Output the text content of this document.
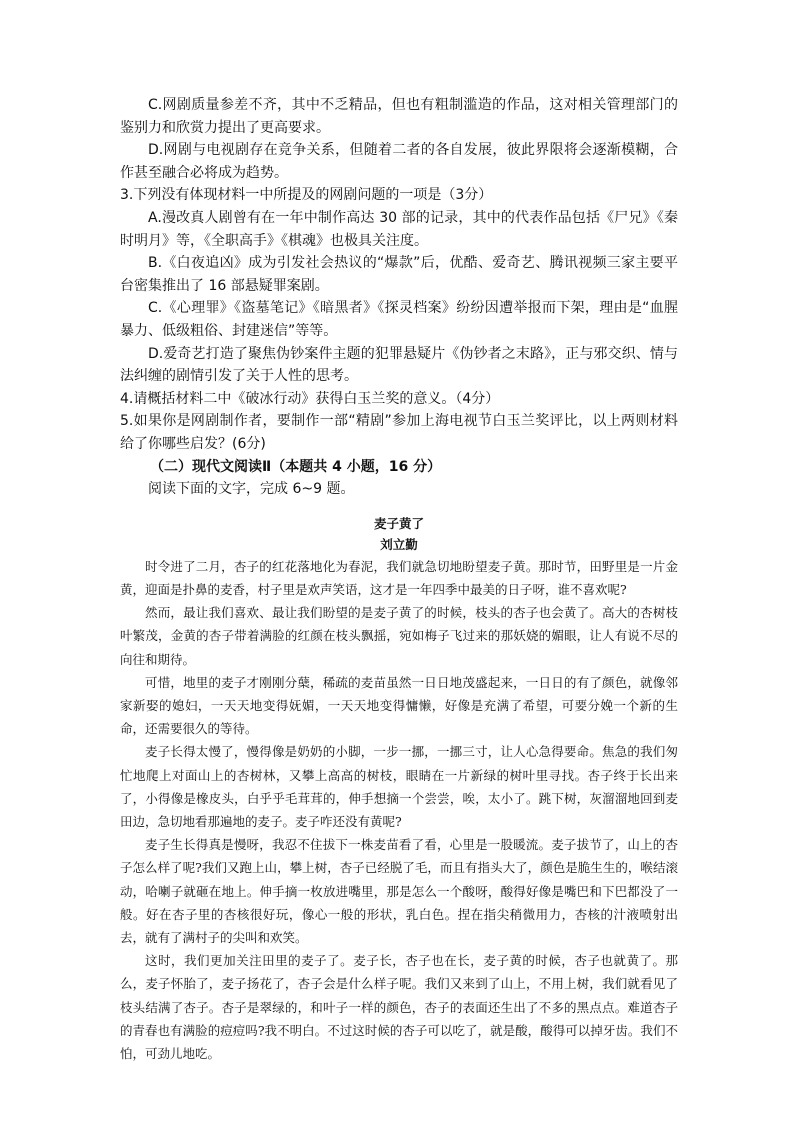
C.网剧质量参差不齐，其中不乏精品，但也有粗制滥造的作品，这对相关管理部门的鉴别力和欣赏力提出了更高要求。

D.网剧与电视剧存在竞争关系，但随着二者的各自发展，彼此界限将会逐渐模糊，合作甚至融合必将成为趋势。

3.下列没有体现材料一中所提及的网剧问题的一项是（3分）

A.漫改真人剧曾有在一年中制作高达 30 部的记录，其中的代表作品包括《尸兄》《秦时明月》等，《全职高手》《棋魂》也极具关注度。

B.《白夜追凶》成为引发社会热议的“爆款”后，优酷、爱奇艺、腾讯视频三家主要平台密集推出了 16 部悬疑罪案剧。

C.《心理罪》《盗墓笔记》《暗黑者》《探灵档案》纷纷因遭举报而下架，理由是“血腥暴力、低级粗俗、封建迷信”等等。

D.爱奇艺打造了聚焦伪钞案件主题的犯罪悬疑片《伪钞者之末路》，正与邪交织、情与法纠缠的剧情引发了关于人性的思考。

4.请概括材料二中《破冰行动》获得白玉兰奖的意义。（4分）

5.如果你是网剧制作者，要制作一部“精剧”参加上海电视节白玉兰奖评比，以上两则材料给了你哪些启发？(6分)

（二）现代文阅读Ⅱ（本题共 4 小题，16 分）

阅读下面的文字，完成 6~9 题。

麦子黄了

刘立勤

时令进了二月，杏子的红花落地化为春泥，我们就急切地盼望麦子黄。那时节，田野里是一片金黄，迎面是扑鼻的麦香，村子里是欢声笑语，这才是一年四季中最美的日子呀，谁不喜欢呢?

然而，最让我们喜欢、最让我们盼望的是麦子黄了的时候，枝头的杏子也会黄了。高大的杏树枝叶繁茂，金黄的杏子带着满脸的红颜在枝头飘摇，宛如梅子飞过来的那妖娆的媚眼，让人有说不尽的向往和期待。

可惜，地里的麦子才刚刚分蘖，稀疏的麦苗虽然一日日地茂盛起来，一日日的有了颜色，就像邻家新娶的媳妇，一天天地变得妩媚，一天天地变得慵懒，好像是充满了希望，可要分娩一个新的生命，还需要很久的等待。

麦子长得太慢了，慢得像是奶奶的小脚，一步一挪，一挪三寸，让人心急得要命。焦急的我们匆忙地爬上对面山上的杏树林，又攀上高高的树枝，眼睛在一片新绿的树叶里寻找。杏子终于长出来了，小得像是橡皮头，白乎乎毛茸茸的，伸手想摘一个尝尝，唉，太小了。跳下树，灰溜溜地回到麦田边，急切地看那遍地的麦子。麦子咋还没有黄呢?

麦子生长得真是慢呀，我忍不住拔下一株麦苗看了看，心里是一股暖流。麦子拔节了，山上的杏子怎么样了呢?我们又跑上山，攀上树，杏子已经脱了毛，而且有指头大了，颜色是脆生生的，喉结滚动，哈喇子就砸在地上。伸手摘一枚放进嘴里，那是怎么一个酸呀，酸得好像是嘴巴和下巴都没了一般。好在杏子里的杏核很好玩，像心一般的形状，乳白色。捏在指尖稍微用力，杏核的汁液喷射出去，就有了满村子的尖叫和欢笑。

这时，我们更加关注田里的麦子了。麦子长，杏子也在长，麦子黄的时候，杏子也就黄了。那么，麦子怀胎了，麦子扬花了，杏子会是什么样子呢。我们又来到了山上，不用上树，我们就看见了枝头结满了杏子。杏子是翠绿的，和叶子一样的颜色，杏子的表面还生出了不多的黑点点。难道杏子的青春也有满脸的痘痘吗?我不明白。不过这时候的杏子可以吃了，就是酸，酸得可以掉牙齿。我们不怕，可劲儿地吃。
